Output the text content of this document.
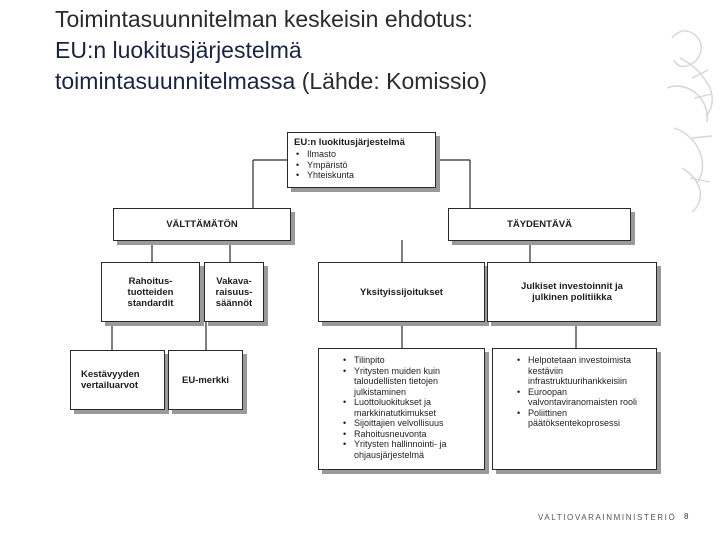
Toimintasuunnitelman keskeisin ehdotus:
EU:n luokitusjärjestelmä
toimintasuunnitelmassa (Lähde: Komissio)
EU:n luokitusjärjestelmä
• Ilmasto
• Ympäristö
• Yhteiskunta
VÄLTTÄMÄTÖN	TÄYDENTÄVÄ
Rahoitus-
tuotteiden
standardit
Vakava-
raisuus-
säännöt
Yksityissijoitukset	Julkiset investoinnit ja
julkinen politiikka
Kestävyyden
vertailuarvot	EU-merkki
• Tilinpito
• Yritysten muiden kuin taloudellisten tietojen julkistaminen
• Luottoluokitukset ja markkinatutkimukset
• Sijoittajien velvollisuus
• Rahoitusneuvonta
• Yritysten hallinnointi- ja ohjausjärjestelmä
• Helpotetaan investoimista kestäviin infrastruktuurihankkeisiin
• Euroopan valvontaviranomaisten rooli
• Poliittinen päätöksentekoprosessi
VALTIOVARAINMINISTERIÖ 8
